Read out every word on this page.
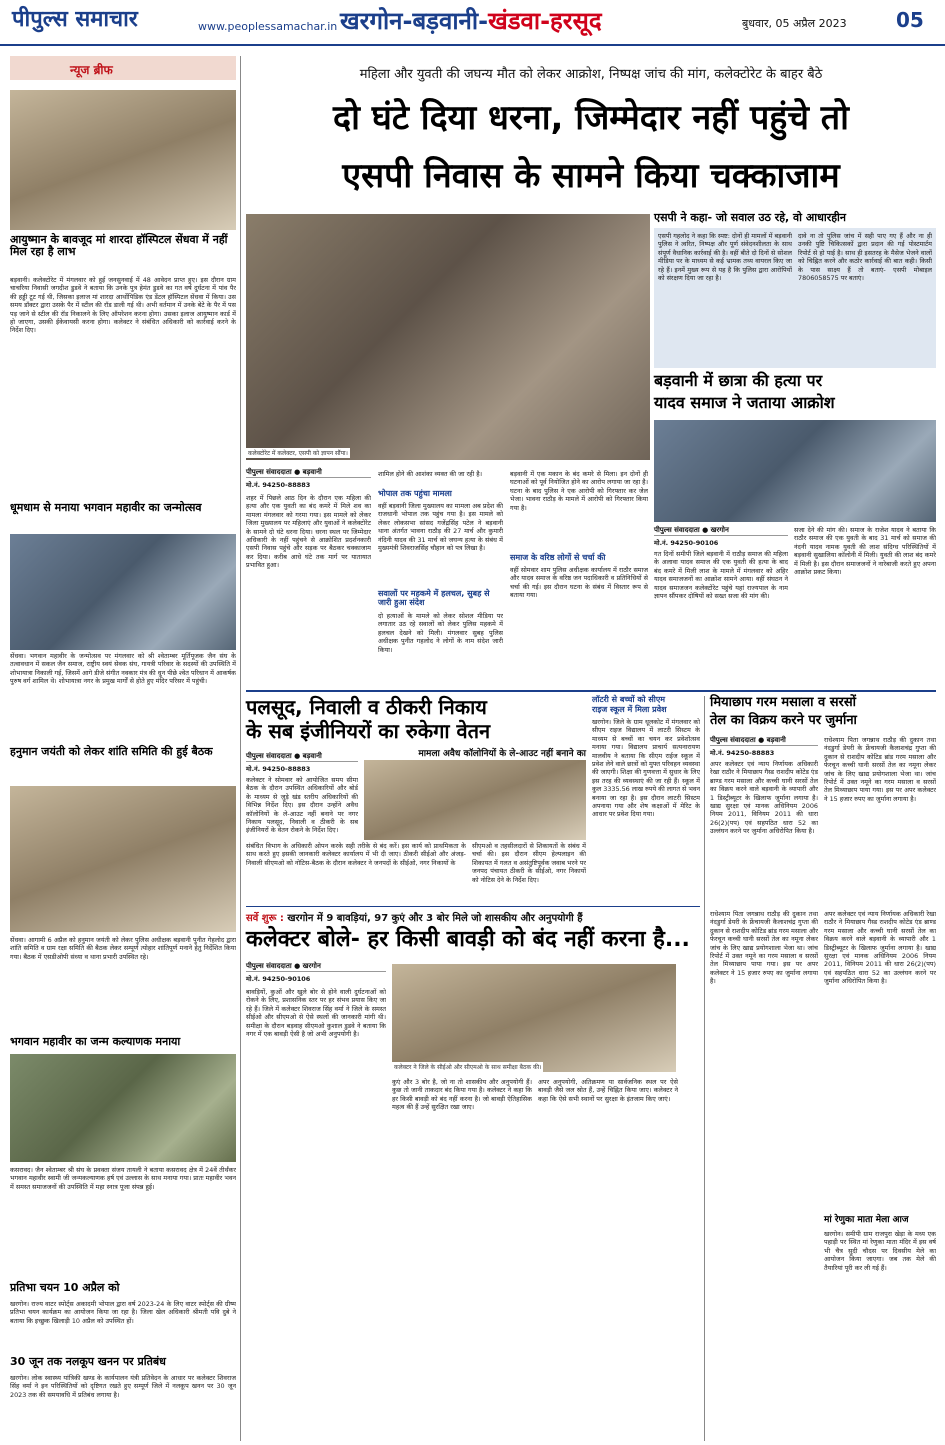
पीपुल्स समाचार	www.peoplessamachar.in खरगोन-बड़वानी-खंडवा-हरसूद	बुधवार, 05 अप्रैल 2023 05
न्यूज ब्रीफ
आयुष्मान के बावजूद मां शारदा हॉस्पिटल सेंधवा में नहीं मिल रहा है लाभ
बड़वानी। कलेक्टोरेट में मंगलवार को हुई जनसुनवाई में 48 आवेदन प्राप्त हुए। इस दौरान ग्राम चाचरिया निवासी जगदीश डुडवे ने बताया कि उनके पुत्र हेमंत डुडवे का गत वर्ष दुर्घटना में पांव पैर की हड्डी टूट गई थी, जिसका इलाज मां शारदा आर्थोपिडिक एंड डेंटल हॉस्पिटल सेंधवा में किया। उस समय डॉक्टर द्वारा उसके पैर में स्टील की रॉड डाली गई थी। अभी वर्तमान में उनके बेटे के पैर में पस पड़ जाने से स्टील की रॉड निकालने के लिए ऑपरेशन करना होगा। उसका इलाज आयुष्मान कार्ड में हो जाएगा, उसकी ईकेवायसी करना होगा। कलेक्टर ने संबंधित अधिकारी को कार्रवाई करने के निर्देश दिए।
धूमधाम से मनाया भगवान महावीर का जन्मोत्सव
सेंधवा। भगवान महावीर के जन्मोत्सव पर मंगलवार को श्री श्वेताम्बर मूर्तिपूजक जैन संघ के तत्वावधान में सकल जैन समाज, राष्ट्रीय स्वयं सेवक संघ, गायत्री परिवार के सदस्यों की उपस्थिति में शोभायात्रा निकाली गई, जिसमें आगे डीजे संगीत नवकार मंत्र की धुन पीछे श्वेत परिधान में आकर्षक पुरुष वर्ग शामिल थे। शोभायात्रा नगर के प्रमुख मार्गों से होते हुए मंदिर परिसर में पहुंची।
हनुमान जयंती को लेकर शांति समिति की हुई बैठक
सेंधवा। आगामी 6 अप्रैल को हनुमान जयंती को लेकर पुलिस अधीक्षक बड़वानी पुनीत गेहलोद द्वारा शांति समिति व ग्राम रक्षा समिति की बैठक लेकर सम्पूर्ण त्योहार शांतिपूर्ण मनाने हेतु निर्देशित किया गया। बैठक में एसडीओपी संध्या व थाना प्रभारी उपस्थित रहे।
भगवान महावीर का जन्म कल्याणक मनाया
कसरावद। जैन श्वेताम्बर श्री संघ के प्रवक्ता संजय तायली ने बताया कसरावद क्षेत्र में 24वें तीर्थंकर भगवान महावीर स्वामी जी जन्मकल्याणक हर्ष एवं उल्लास के साथ मनाया गया। प्रातः महावीर भवन में समस्त समाजजनों की उपस्थिति में महा स्नात्र पूजा संपन्न हुई।
प्रतिभा चयन 10 अप्रैल को
खरगोन। राज्य वाटर स्पोर्ट्स अकादमी भोपाल द्वारा वर्ष 2023-24 के लिए वाटर स्पोर्ट्स की ग्रीष्म प्रतिभा चयन कार्यक्रम का आयोजन किया जा रहा है। जिला खेल अधिकारी श्रीमती पवि दुबे ने बताया कि इच्छुक खिलाड़ी 10 अप्रैल को उपस्थित हों।
30 जून तक नलकूप खनन पर प्रतिबंध
खरगोन। लोक स्वास्थ्य यांत्रिकी खण्ड के कार्यपालन यंत्री प्रतिवेदन के आधार पर कलेक्टर शिवराज सिंह वर्मा ने इन परिस्थितियों को दृष्टिगत रखते हुए सम्पूर्ण जिले में नलकूप खनन पर 30 जून 2023 तक की समयावधि में प्रतिबंध लगाया है।
महिला और युवती की जघन्य मौत को लेकर आक्रोश, निष्पक्ष जांच की मांग, कलेक्टोरेट के बाहर बैठे
दो घंटे दिया धरना, जिम्मेदार नहीं पहुंचे तो
एसपी निवास के सामने किया चक्काजाम
कलेक्टोरेट में कलेक्टर, एसपी को ज्ञापन सौंपा।
एसपी ने कहा- जो सवाल उठ रहे, वो आधारहीन
एसपी गहलोद ने कहा कि स्पष्ट: दोनों ही मामलों में बड़वानी पुलिस ने त्वरित, निष्पक्ष और पूर्ण संवेदनशीलता के साथ संपूर्ण वैधानिक कार्रवाई की है। वहीं बीते दो दिनों से सोशल मीडिया पर के माध्यम से कई भ्रामक तथ्य वायरल किए जा रहे हैं। इनमें मुख्य रूप से यह है कि पुलिस द्वारा आरोपियों को संरक्षण दिया जा रहा है।
दावे ना तो पुलिस जांच में सही पाए गए हैं और ना ही उनकी पुष्टि चिकित्सकों द्वारा प्रदान की गई पोस्टमार्टम रिपोर्ट से हो पाई है। साथ ही इसतरह के मैसेज भेजने वालों को चिह्नित करने और कठोर कार्रवाई की बात कही। किसी के पास साक्ष्य हैं तो बताएं- एसपी मोबाइल 7806058575 पर बताएं।
पीपुल्स संवाददाता ● बड़वानी
मो.नं. 94250-88883
शहर में पिछले आठ दिन के दौरान एक महिला की हत्या और एक युवती का बंद कमरे में मिले शव का मामला मंगलवार को गरमा गया। इस मामले को लेकर जिला मुख्यालय पर महिलाएं और युवाओं ने कलेक्टोरेट के सामने दो घंटे धरना दिया। धरना स्थल पर जिम्मेदार अधिकारी के नहीं पहुंचने से आक्रोशित प्रदर्शनकारी एसपी निवास पहुंचे और सड़क पर बैठकर चक्काजाम कर दिया। करीब आधे घंटे तक मार्ग पर यातायात प्रभावित हुआ।
शामिल होने की आशंका व्यक्त की जा रही है।
भोपाल तक पहुंचा मामला
वहीं बड़वानी जिला मुख्यालय का मामला अब प्रदेश की राजधानी भोपाल तक पहुंच गया है। इस मामले को लेकर लोकसभा सांसद गजेंद्रसिंह पटेल ने बड़वानी थाना अंतर्गत भावना राठौड़ की 27 मार्च और कुमारी नंदिनी यादव की 31 मार्च को जघन्य हत्या के संबंध में मुख्यमंत्री शिवराजसिंह चौहान को पत्र लिखा है।
सवालों पर महकमे में हलचल, सुबह से जारी हुआ संदेश
दो हत्याओं के मामले को लेकर सोशल मीडिया पर लगातार उठ रहे सवालों को लेकर पुलिस महकमे में हलचल देखने को मिली। मंगलवार सुबह पुलिस अधीक्षक पुनीत गहलोद ने लोगों के नाम संदेश जारी किया।
बड़वानी में एक मकान के बंद कमरे से मिला। इन दोनों ही घटनाओं को पूर्व नियोजित होने का आरोप लगाया जा रहा है। घटना के बाद पुलिस ने एक आरोपी को गिरफ्तार कर जेल भेजा। भावना राठौड़ के मामले में आरोपी को गिरफ्तार किया गया है।
समाज के वरिष्ठ लोगों से चर्चा की
वहीं सोमवार शाम पुलिस अधीक्षक कार्यालय में राठौर समाज और यादव समाज के वरिष्ठ जन पदाधिकारी व प्रतिनिधियों से चर्चा की गई। इस दौरान घटना के संबंध में विस्तार रूप से बताया गया।
बड़वानी में छात्रा की हत्या पर
यादव समाज ने जताया आक्रोश
पीपुल्स संवाददाता ● खरगोन
मो.नं. 94250-90106
गत दिनों समीपी जिले बड़वानी में राठौड़ समाज की महिला के अलावा यादव समाज की एक युवती की हत्या के बाद बंद कमरे में मिली लाश के मामले में मंगलवार को अहिर यादव समाजजनों का आक्रोश सामने आया। वहीं संघठन ने यादव समाजजन कलेक्टोरेट पहुंचे यहां राज्यपाल के नाम ज्ञापन सौंपकर दोषियों को सख्त सजा की मांग की।
सजा देने की मांग की। समाज के राजेश यादव ने बताया कि राठौर समाज की एक युवती के बाद 31 मार्च को समाज की नंदनी यादव नामक युवती की लाश संदिग्ध परिस्थितियों में बड़वानी सुखालिया कॉलोनी में मिली। युवती की लाश बंद कमरे में मिली है। इस दौरान समाजजनों ने नारेबाजी करते हुए अपना आक्रोश प्रकट किया।
पलसूद, निवाली व ठीकरी निकाय
के सब इंजीनियरों का रुकेगा वेतन
मामला अवैध कॉलोनियों के ले-आउट नहीं बनाने का
पीपुल्स संवाददाता ● बड़वानी
मो.नं. 94250-88883
कलेक्टर ने सोमवार को आयोजित समय सीमा बैठक के दौरान उपस्थित अधिकारियों और बोर्ड के माध्यम से जुड़े खंड स्तरीय अधिकारियों की विभिन्न निर्देश दिए। इस दौरान उन्होंने अवैध कॉलोनियों के ले-आउट नहीं बनाने पर नगर निकाय पलसूद, निवाली व ठीकरी के सब इंजीनियरों के वेतन रोकने के निर्देश दिए।
संबंधित विभाग के अधिकारी ओपन करके सही तरीके से बंद करें। इस कार्य को प्राथमिकता के साथ करते हुए इसकी जानकारी कलेक्टर कार्यालय में भी दी जाए। ठीकरी सीईओ और अंजड़-निवाली सीएमओ को नोटिस-बैठक के दौरान कलेक्टर ने जनपदों के सीईओ, नगर निकायों के
सीएमओ व तहसीलदारों से शिकायतों के संबंध में चर्चा की। इस दौरान सीएम हेल्पलाइन की शिकायत में गलत व असंतुष्टिपूर्वक जवाब भरने पर जनपद पंचायत ठीकरी के सीईओ, नगर निकायों को नोटिस देने के निर्देश दिए।
लॉटरी से बच्चों को सीएम
राइज स्कूल में मिला प्रवेश
खरगोन। जिले के ग्राम धूलकोट में मंगलवार को सीएम राइज विद्यालय में लाटरी सिस्टम के माध्यम से बच्चों का चयन कर प्रवेशोत्सव मनाया गया। विद्यालय प्राचार्य सत्यनारायण मालवीय ने बताया कि सीएम राईज स्कूल में प्रवेश लेने वाले छात्रों को मुफ्त परिवहन व्यवस्था की जाएगी। शिक्षा की गुणवत्ता में सुधार के लिए इस तरह की व्यवस्थाएं की जा रही हैं। स्कूल में कुल 3335.56 लाख रुपये की लागत से भवन बनाया जा रहा है। इस दौरान लाटरी सिस्टम अपनाया गया और शेष कक्षाओं में मेरिट के आधार पर प्रवेश दिया गया।
मियाछाप गरम मसाला व सरसों
तेल का विक्रय करने पर जुर्माना
पीपुल्स संवाददाता ● बड़वानी
मो.नं. 94250-88883
अपर कलेक्टर एवं न्याय निर्णायक अधिकारी रेखा राठौर ने मियाछाप गैस्ड राशदीप कोटेड एंड ब्राण्ड गरम मसाला और कच्ची घानी सरसों तेल का विक्रय करने वाले बड़वानी के व्यापारी और 1 डिस्ट्रीब्यूटर के खिलाफ जुर्माना लगाया है। खाद्य सुरक्षा एवं मानक अधिनियम 2006 नियम 2011, विनियम 2011 की धारा 26(2)(पप) एवं सहपठित धारा 52 का उल्लंघन करने पर जुर्माना अधिरोपित किया है।
राधेश्याम पिता जगन्नाथ राठौड़ की दुकान तथा नंदडुर्गा डेयरी के फ्रेंचायजी कैलाशचंद्र गुप्ता की दुकान से राशदीप कोटिड ब्रांड गरम मसाला और फेरचून कच्ची घानी सरसों तेल का नमूना लेकर जांच के लिए खाद्य प्रयोगशाला भेजा था। जांच रिपोर्ट में उक्त नमूने का गरम मसाला व सरसों तेल मिथ्याछाप पाया गया। इस पर अपर कलेक्टर ने 15 हजार रुपए का जुर्माना लगाया है।
सर्वे शुरू : खरगोन में 9 बावड़ियां, 97 कुएं और 3 बोर मिले जो शासकीय और अनुपयोगी हैं
कलेक्टर बोले- हर किसी बावड़ी को बंद नहीं करना है...
पीपुल्स संवाददाता ● खरगोन
मो.नं. 94250-90106
बावड़ियों, कुओं और खुले बोर से होने वाली दुर्घटनाओं को रोकने के लिए, प्रशासनिक स्तर पर हर संभव प्रयास किए जा रहे हैं। जिले में कलेक्टर शिवराज सिंह वर्मा ने जिले के समस्त सीईओ और सीएमओ से ऐसे स्थलों की जानकारी मांगी थी। समीक्षा के दौरान बड़वाह सीएमओ कुशाल डुडवे ने बताया कि नगर में एक बावड़ी ऐसी है जो अभी अनुपयोगी है।
कलेक्टर ने जिले के सीईओ और सीएमओ के साथ समीक्षा बैठक की।
कुएं और 3 बोर है, जो ना तो शासकीय और अनुपयोगी हैं। कुछ तो जानी ताकदार बंद किया गया है। कलेक्टर ने कहा कि हर किसी बावड़ी को बंद नहीं करना है। जो बावड़ी ऐतिहासिक महत्व की हैं उन्हें सुरक्षित रखा जाए।
अपर अनुपयोगी, अतिक्रमण या सार्वजनिक स्थल पर ऐसे बावड़ी जैसे जल स्रोत हैं, उन्हें चिह्नित किया जाए। कलेक्टर ने कहा कि ऐसे सभी स्थानों पर सुरक्षा के इंतजाम किए जाएं।
मां रेणुका माता मेला आज
खरगोन। समीपी ग्राम राजपुरा खेड़ा के मध्य एक पहाड़ी पर स्थित मां रेणुका माता मंदिर में इस वर्ष भी चैत्र सुदी चौदस पर दिवसीय मेले का आयोजन किया जाएगा। जब तक मेले की तैयारियां पूरी कर ली गई हैं।
राधेश्याम पिता जगन्नाथ राठौड़ की दुकान तथा नंदडुर्गा डेयरी के फ्रेंचायजी कैलाशचंद्र गुप्ता की दुकान से राशदीप कोटिड ब्रांड गरम मसाला और फेरचून कच्ची घानी सरसों तेल का नमूना लेकर जांच के लिए खाद्य प्रयोगशाला भेजा था। जांच रिपोर्ट में उक्त नमूने का गरम मसाला व सरसों तेल मिथ्याछाप पाया गया। इस पर अपर कलेक्टर ने 15 हजार रुपए का जुर्माना लगाया है।
अपर कलेक्टर एवं न्याय निर्णायक अधिकारी रेखा राठौर ने मियाछाप गैस्ड राशदीप कोटेड एंड ब्राण्ड गरम मसाला और कच्ची घानी सरसों तेल का विक्रय करने वाले बड़वानी के व्यापारी और 1 डिस्ट्रीब्यूटर के खिलाफ जुर्माना लगाया है। खाद्य सुरक्षा एवं मानक अधिनियम 2006 नियम 2011, विनियम 2011 की धारा 26(2)(पप) एवं सहपठित धारा 52 का उल्लंघन करने पर जुर्माना अधिरोपित किया है।
